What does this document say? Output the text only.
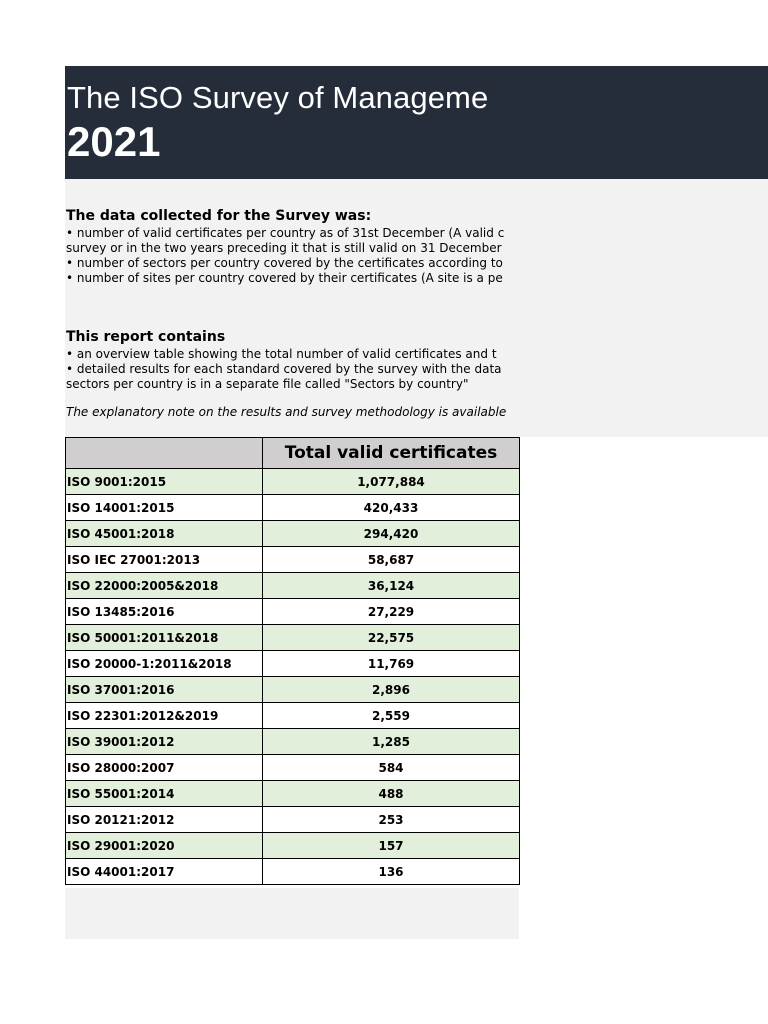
The ISO Survey of Manageme
2021
The data collected for the Survey was:
• number of valid certificates per country as of 31st December (A valid c
survey or in the two years preceding it that is still valid on 31 December
• number of sectors per country covered by the certificates according to
• number of sites per country covered by their certificates (A site is a pe
This report contains
• an overview table showing the total number of valid certificates and t
• detailed results for each standard covered by the survey with the data
sectors per country is in a separate file called "Sectors by country"
The explanatory note on the results and survey methodology is available
	Total valid certificates
ISO 9001:2015	1,077,884
ISO 14001:2015	420,433
ISO 45001:2018	294,420
ISO IEC 27001:2013	58,687
ISO 22000:2005&2018	36,124
ISO 13485:2016	27,229
ISO 50001:2011&2018	22,575
ISO 20000-1:2011&2018	11,769
ISO 37001:2016	2,896
ISO 22301:2012&2019	2,559
ISO 39001:2012	1,285
ISO 28000:2007	584
ISO 55001:2014	488
ISO 20121:2012	253
ISO 29001:2020	157
ISO 44001:2017	136
